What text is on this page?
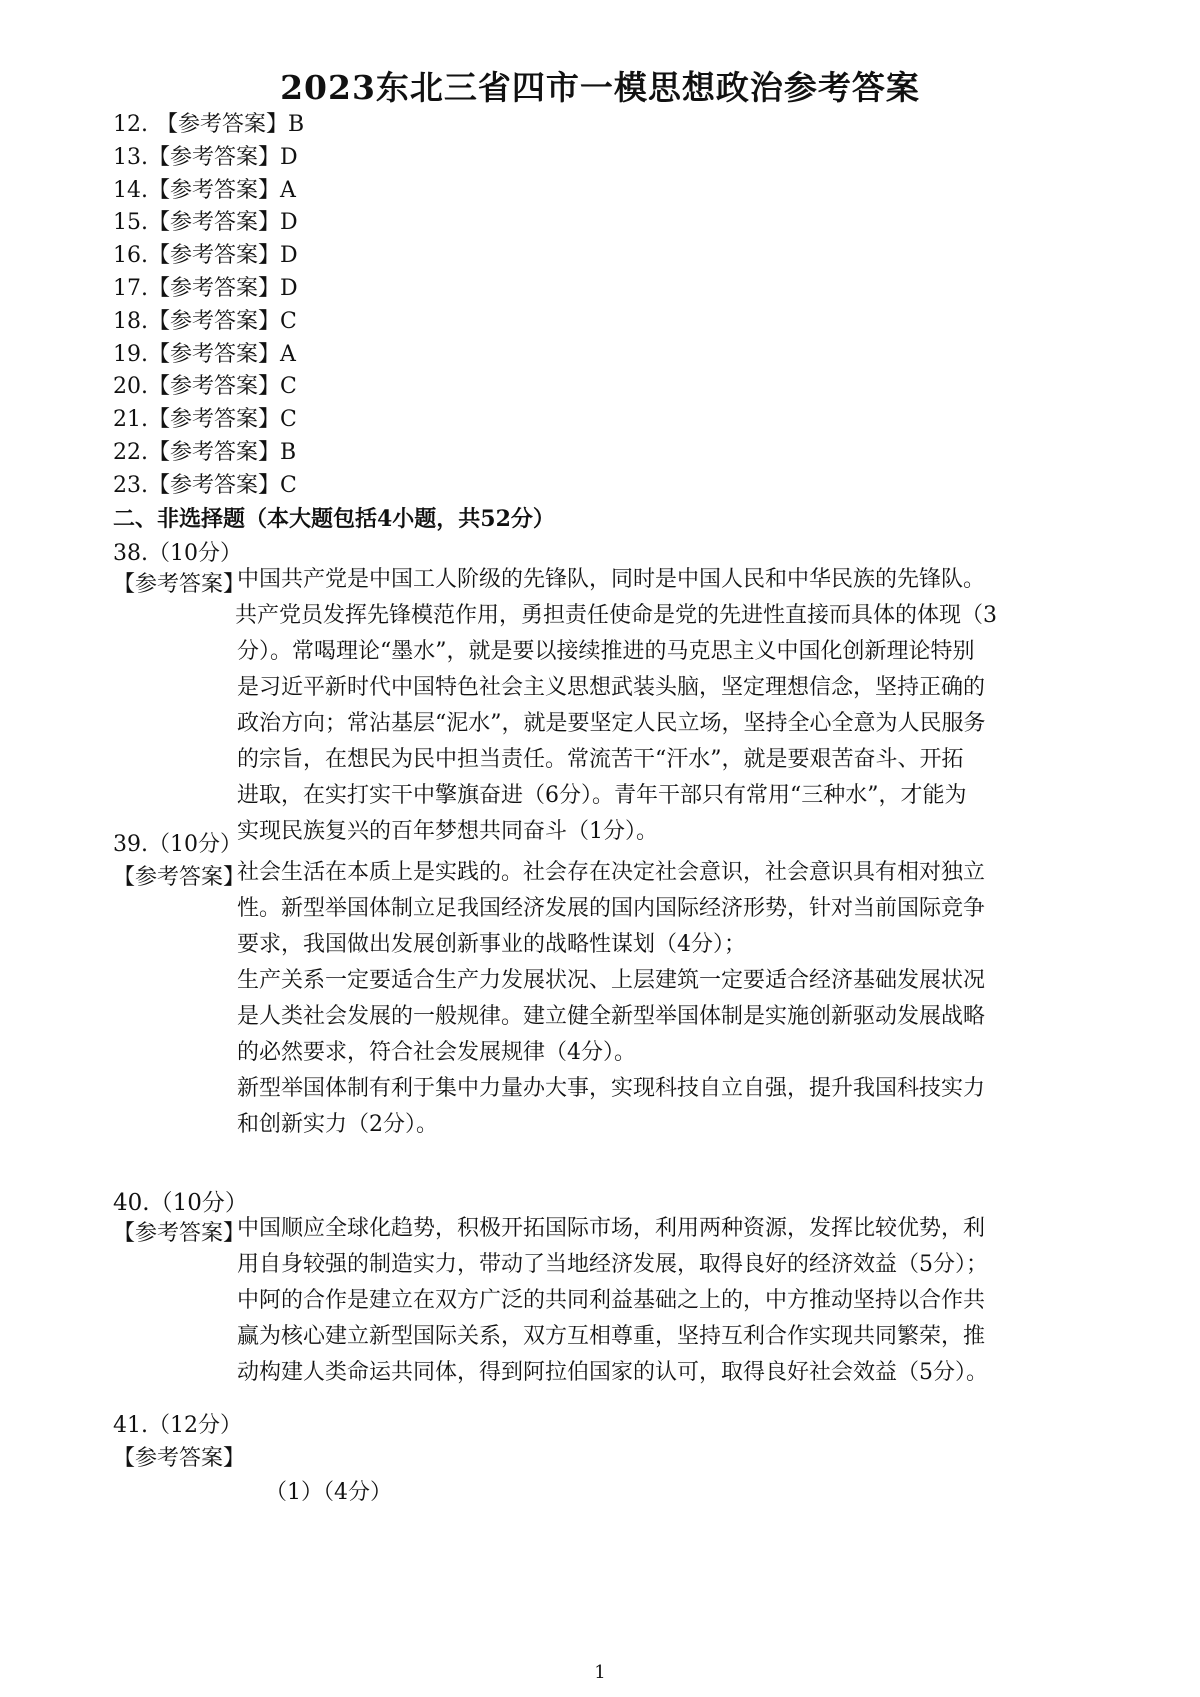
2023东北三省四市一模思想政治参考答案
12. 【参考答案】B
13.【参考答案】D
14.【参考答案】A
15.【参考答案】D
16.【参考答案】D
17.【参考答案】D
18.【参考答案】C
19.【参考答案】A
20.【参考答案】C
21.【参考答案】C
22.【参考答案】B
23.【参考答案】C
二、非选择题（本大题包括4小题，共52分）
38.（10分）
【参考答案】
中国共产党是中国工人阶级的先锋队，同时是中国人民和中华民族的先锋队。
共产党员发挥先锋模范作用，勇担责任使命是党的先进性直接而具体的体现（3
分）。常喝理论“墨水”，就是要以接续推进的马克思主义中国化创新理论特别
是习近平新时代中国特色社会主义思想武装头脑，坚定理想信念，坚持正确的
政治方向；常沾基层“泥水”，就是要坚定人民立场，坚持全心全意为人民服务
的宗旨，在想民为民中担当责任。常流苦干“汗水”，就是要艰苦奋斗、开拓
进取，在实打实干中擎旗奋进（6分）。青年干部只有常用“三种水”，才能为
实现民族复兴的百年梦想共同奋斗（1分）。
39.（10分）
【参考答案】
社会生活在本质上是实践的。社会存在决定社会意识，社会意识具有相对独立
性。新型举国体制立足我国经济发展的国内国际经济形势，针对当前国际竞争
要求，我国做出发展创新事业的战略性谋划（4分）；
生产关系一定要适合生产力发展状况、上层建筑一定要适合经济基础发展状况
是人类社会发展的一般规律。建立健全新型举国体制是实施创新驱动发展战略
的必然要求，符合社会发展规律（4分）。
新型举国体制有利于集中力量办大事，实现科技自立自强，提升我国科技实力
和创新实力（2分）。
40.（10分）
【参考答案】
中国顺应全球化趋势，积极开拓国际市场，利用两种资源，发挥比较优势，利
用自身较强的制造实力，带动了当地经济发展，取得良好的经济效益（5分）；
中阿的合作是建立在双方广泛的共同利益基础之上的，中方推动坚持以合作共
赢为核心建立新型国际关系，双方互相尊重，坚持互利合作实现共同繁荣，推
动构建人类命运共同体，得到阿拉伯国家的认可，取得良好社会效益（5分）。
41.（12分）
【参考答案】
（1）（4分）
1
